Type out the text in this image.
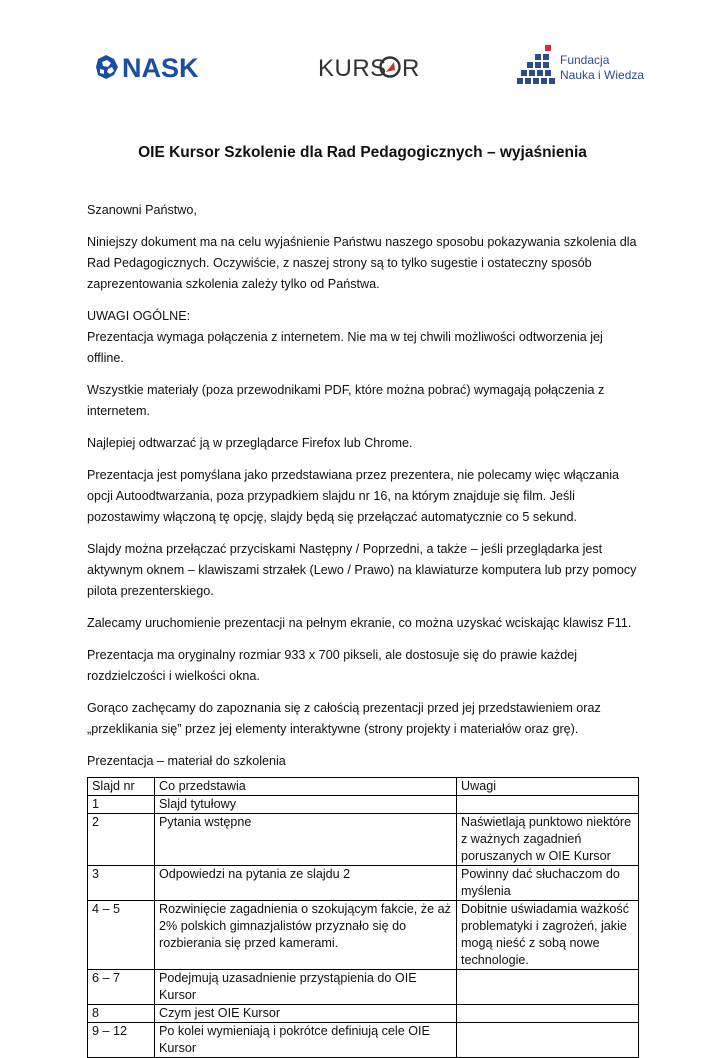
NASK	KURS R	Fundacja
Nauka i Wiedza
OIE Kursor Szkolenie dla Rad Pedagogicznych – wyjaśnienia

Szanowni Państwo,

Niniejszy dokument ma na celu wyjaśnienie Państwu naszego sposobu pokazywania szkolenia dla Rad Pedagogicznych. Oczywiście, z naszej strony są to tylko sugestie i ostateczny sposób zaprezentowania szkolenia zależy tylko od Państwa.

UWAGI OGÓLNE:

Prezentacja wymaga połączenia z internetem. Nie ma w tej chwili możliwości odtworzenia jej offline.

Wszystkie materiały (poza przewodnikami PDF, które można pobrać) wymagają połączenia z internetem.

Najlepiej odtwarzać ją w przeglądarce Firefox lub Chrome.

Prezentacja jest pomyślana jako przedstawiana przez prezentera, nie polecamy więc włączania opcji Autoodtwarzania, poza przypadkiem slajdu nr 16, na którym znajduje się film. Jeśli pozostawimy włączoną tę opcję, slajdy będą się przełączać automatycznie co 5 sekund.

Slajdy można przełączać przyciskami Następny / Poprzedni, a także – jeśli przeglądarka jest aktywnym oknem – klawiszami strzałek (Lewo / Prawo) na klawiaturze komputera lub przy pomocy pilota prezenterskiego.

Zalecamy uruchomienie prezentacji na pełnym ekranie, co można uzyskać wciskając klawisz F11.

Prezentacja ma oryginalny rozmiar 933 x 700 pikseli, ale dostosuje się do prawie każdej rozdzielczości i wielkości okna.

Gorąco zachęcamy do zapoznania się z całością prezentacji przed jej przedstawieniem oraz „przeklikania się” przez jej elementy interaktywne (strony projekty i materiałów oraz grę).

Prezentacja – materiał do szkolenia

Slajd nr	Co przedstawia	Uwagi
1	Slajd tytułowy	
2	Pytania wstępne	Naświetlają punktowo niektóre z ważnych zagadnień poruszanych w OIE Kursor
3	Odpowiedzi na pytania ze slajdu 2	Powinny dać słuchaczom do myślenia
4 – 5	Rozwinięcie zagadnienia o szokującym fakcie, że aż 2% polskich gimnazjalistów przyznało się do rozbierania się przed kamerami.	Dobitnie uświadamia ważkość problematyki i zagrożeń, jakie mogą nieść z sobą nowe technologie.
6 – 7	Podejmują uzasadnienie przystąpienia do OIE Kursor	
8	Czym jest OIE Kursor	
9 – 12	Po kolei wymieniają i pokrótce definiują cele OIE Kursor	
